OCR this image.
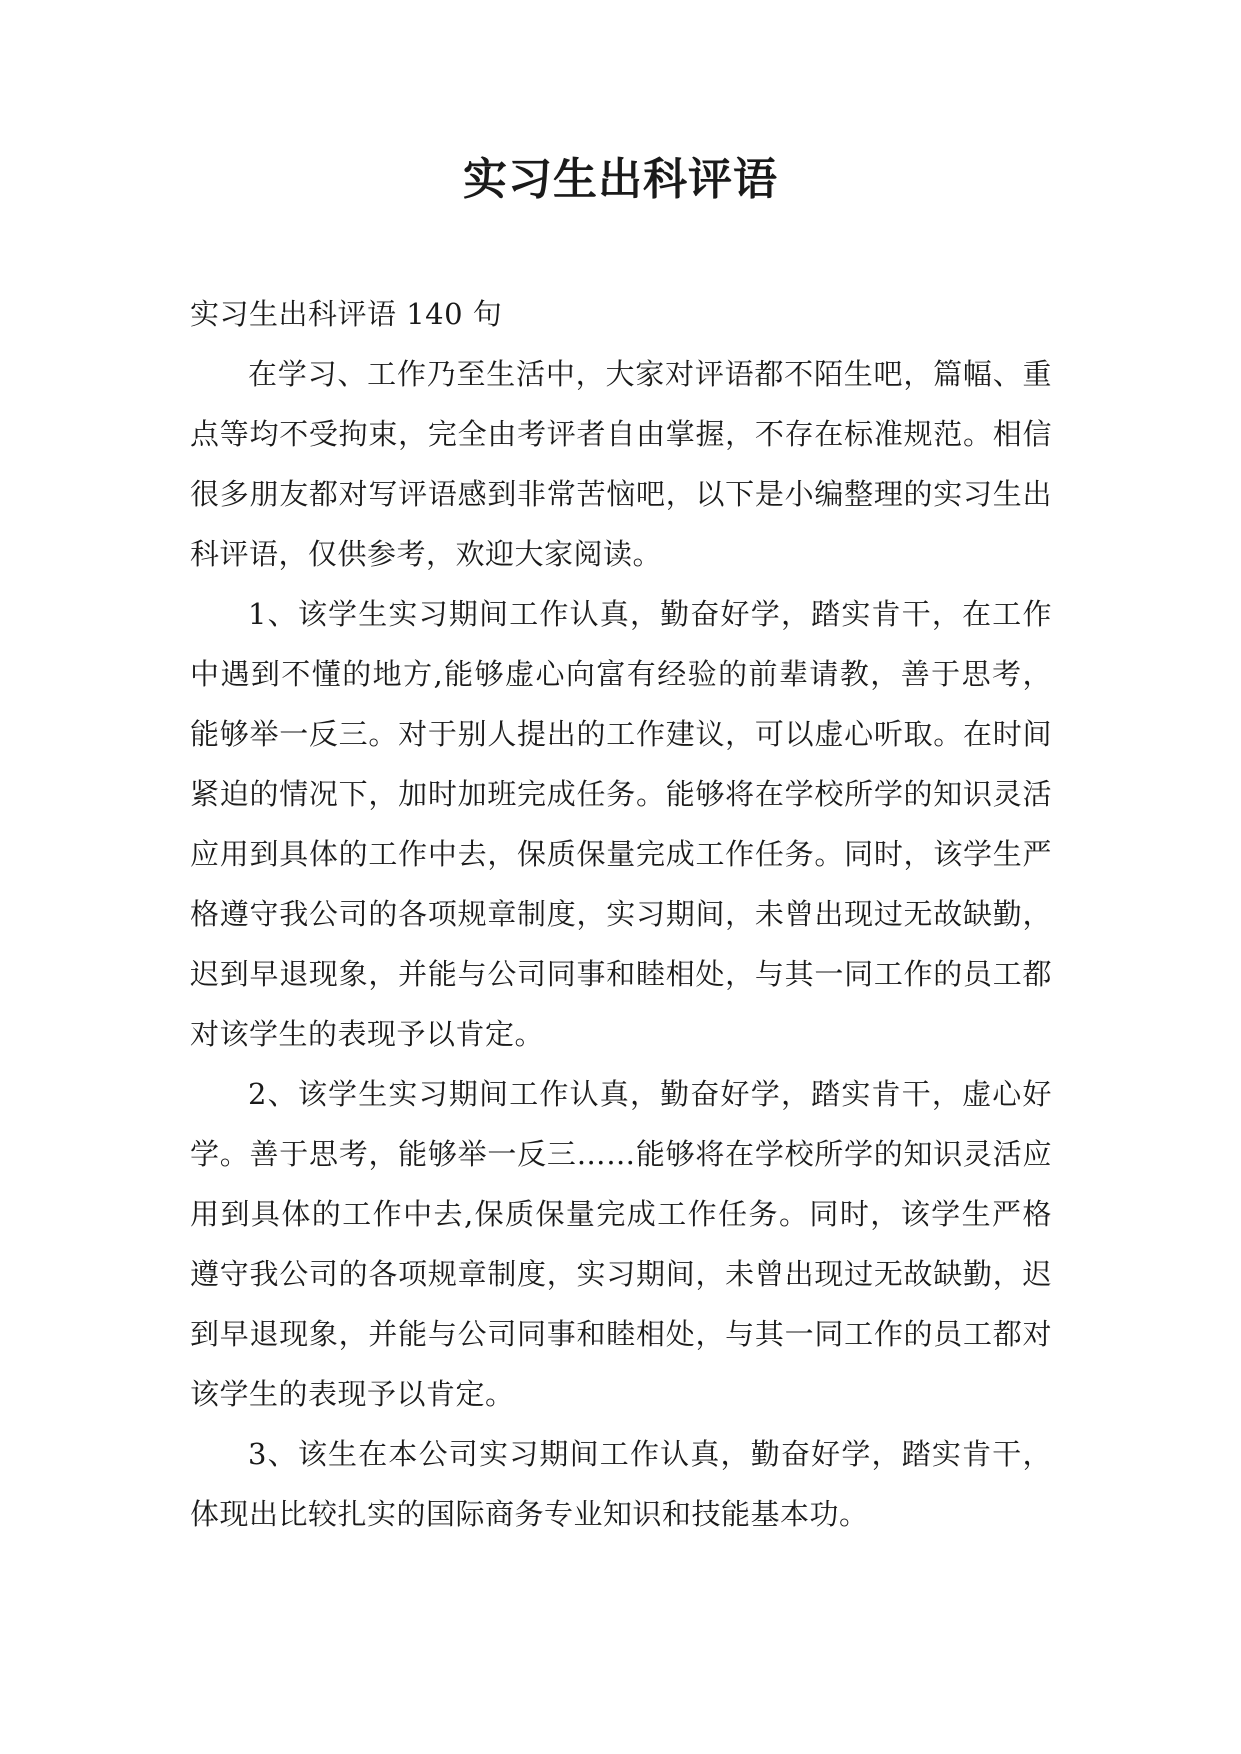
实习生出科评语

实习生出科评语 140 句

在学习、工作乃至生活中，大家对评语都不陌生吧，篇幅、重点等均不受拘束，完全由考评者自由掌握，不存在标准规范。相信很多朋友都对写评语感到非常苦恼吧，以下是小编整理的实习生出科评语，仅供参考，欢迎大家阅读。

1、该学生实习期间工作认真，勤奋好学，踏实肯干，在工作中遇到不懂的地方,能够虚心向富有经验的前辈请教，善于思考，能够举一反三。对于别人提出的工作建议，可以虚心听取。在时间紧迫的情况下，加时加班完成任务。能够将在学校所学的知识灵活应用到具体的工作中去，保质保量完成工作任务。同时，该学生严格遵守我公司的各项规章制度，实习期间，未曾出现过无故缺勤，迟到早退现象，并能与公司同事和睦相处，与其一同工作的员工都对该学生的表现予以肯定。

2、该学生实习期间工作认真，勤奋好学，踏实肯干，虚心好学。善于思考，能够举一反三……能够将在学校所学的知识灵活应用到具体的工作中去,保质保量完成工作任务。同时，该学生严格遵守我公司的各项规章制度，实习期间，未曾出现过无故缺勤，迟到早退现象，并能与公司同事和睦相处，与其一同工作的员工都对该学生的表现予以肯定。

3、该生在本公司实习期间工作认真，勤奋好学，踏实肯干，体现出比较扎实的国际商务专业知识和技能基本功。
